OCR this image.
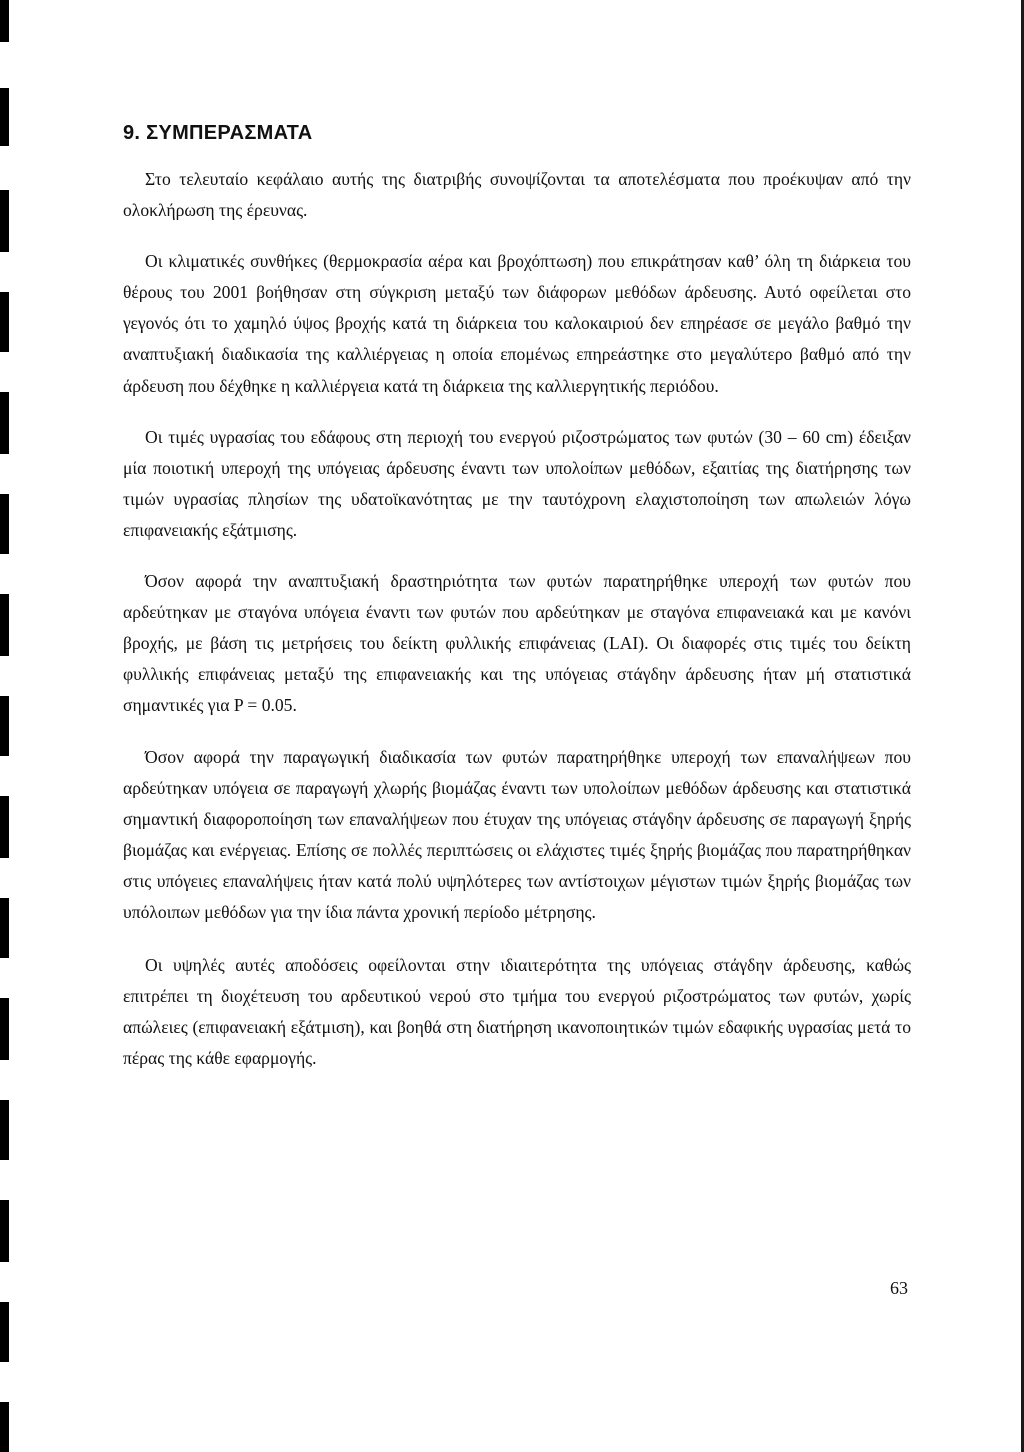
9. ΣΥΜΠΕΡΑΣΜΑΤΑ

Στο τελευταίο κεφάλαιο αυτής της διατριβής συνοψίζονται τα αποτελέσματα που προέκυψαν από την ολοκλήρωση της έρευνας.

Οι κλιματικές συνθήκες (θερμοκρασία αέρα και βροχόπτωση) που επικράτησαν καθ’ όλη τη διάρκεια του θέρους του 2001 βοήθησαν στη σύγκριση μεταξύ των διάφορων μεθόδων άρδευσης. Αυτό οφείλεται στο γεγονός ότι το χαμηλό ύψος βροχής κατά τη διάρκεια του καλοκαιριού δεν επηρέασε σε μεγάλο βαθμό την αναπτυξιακή διαδικασία της καλλιέργειας η οποία επομένως επηρεάστηκε στο μεγαλύτερο βαθμό από την άρδευση που δέχθηκε η καλλιέργεια κατά τη διάρκεια της καλλιεργητικής περιόδου.

Οι τιμές υγρασίας του εδάφους στη περιοχή του ενεργού ριζοστρώματος των φυτών (30 – 60 cm) έδειξαν μία ποιοτική υπεροχή της υπόγειας άρδευσης έναντι των υπολοίπων μεθόδων, εξαιτίας της διατήρησης των τιμών υγρασίας πλησίων της υδατοϊκανότητας με την ταυτόχρονη ελαχιστοποίηση των απωλειών λόγω επιφανειακής εξάτμισης.

Όσον αφορά την αναπτυξιακή δραστηριότητα των φυτών παρατηρήθηκε υπεροχή των φυτών που αρδεύτηκαν με σταγόνα υπόγεια έναντι των φυτών που αρδεύτηκαν με σταγόνα επιφανειακά και με κανόνι βροχής, με βάση τις μετρήσεις του δείκτη φυλλικής επιφάνειας (LAI). Οι διαφορές στις τιμές του δείκτη φυλλικής επιφάνειας μεταξύ της επιφανειακής και της υπόγειας στάγδην άρδευσης ήταν μή στατιστικά σημαντικές για P = 0.05.

Όσον αφορά την παραγωγική διαδικασία των φυτών παρατηρήθηκε υπεροχή των επαναλήψεων που αρδεύτηκαν υπόγεια σε παραγωγή χλωρής βιομάζας έναντι των υπολοίπων μεθόδων άρδευσης και στατιστικά σημαντική διαφοροποίηση των επαναλήψεων που έτυχαν της υπόγειας στάγδην άρδευσης σε παραγωγή ξηρής βιομάζας και ενέργειας. Επίσης σε πολλές περιπτώσεις οι ελάχιστες τιμές ξηρής βιομάζας που παρατηρήθηκαν στις υπόγειες επαναλήψεις ήταν κατά πολύ υψηλότερες των αντίστοιχων μέγιστων τιμών ξηρής βιομάζας των υπόλοιπων μεθόδων για την ίδια πάντα χρονική περίοδο μέτρησης.

Οι υψηλές αυτές αποδόσεις οφείλονται στην ιδιαιτερότητα της υπόγειας στάγδην άρδευσης, καθώς επιτρέπει τη διοχέτευση του αρδευτικού νερού στο τμήμα του ενεργού ριζοστρώματος των φυτών, χωρίς απώλειες (επιφανειακή εξάτμιση), και βοηθά στη διατήρηση ικανοποιητικών τιμών εδαφικής υγρασίας μετά το πέρας της κάθε εφαρμογής.

63
